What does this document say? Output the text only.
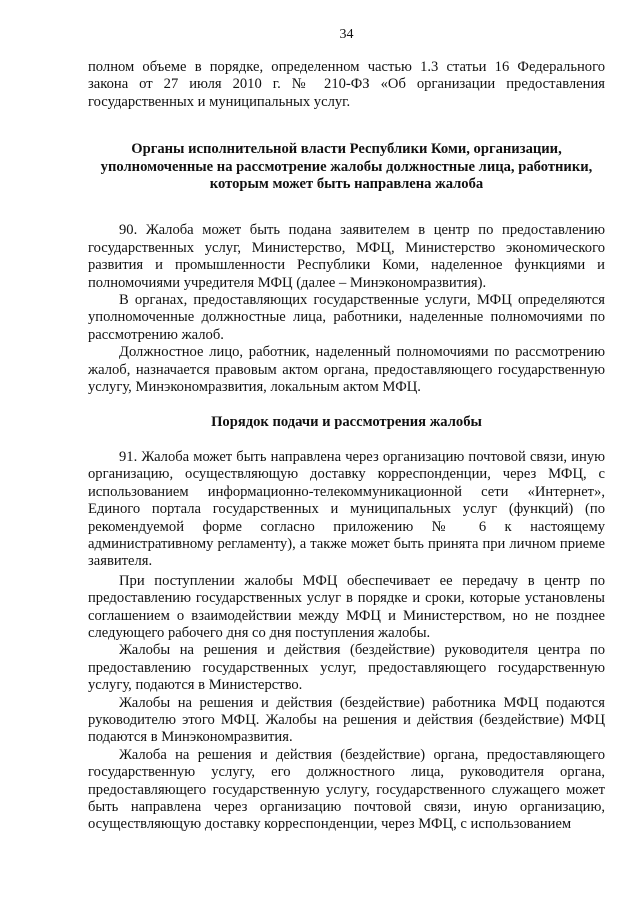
34

полном объеме в порядке, определенном частью 1.3 статьи 16 Федерального закона от 27 июля 2010 г. № 210-ФЗ «Об организации предоставления государственных и муниципальных услуг.

Органы исполнительной власти Республики Коми, организации, уполномоченные на рассмотрение жалобы должностные лица, работники, которым может быть направлена жалоба

90. Жалоба может быть подана заявителем в центр по предоставлению государственных услуг, Министерство, МФЦ, Министерство экономического развития и промышленности Республики Коми, наделенное функциями и полномочиями учредителя МФЦ (далее – Минэкономразвития).

В органах, предоставляющих государственные услуги, МФЦ определяются уполномоченные должностные лица, работники, наделенные полномочиями по рассмотрению жалоб.

Должностное лицо, работник, наделенный полномочиями по рассмотрению жалоб, назначается правовым актом органа, предоставляющего государственную услугу, Минэкономразвития, локальным актом МФЦ.

Порядок подачи и рассмотрения жалобы

91. Жалоба может быть направлена через организацию почтовой связи, иную организацию, осуществляющую доставку корреспонденции, через МФЦ, с использованием информационно-телекоммуникационной сети «Интернет», Единого портала государственных и муниципальных услуг (функций) (по рекомендуемой форме согласно приложению № 6 к настоящему административному регламенту), а также может быть принята при личном приеме заявителя.

При поступлении жалобы МФЦ обеспечивает ее передачу в центр по предоставлению государственных услуг в порядке и сроки, которые установлены соглашением о взаимодействии между МФЦ и Министерством, но не позднее следующего рабочего дня со дня поступления жалобы.

Жалобы на решения и действия (бездействие) руководителя центра по предоставлению государственных услуг, предоставляющего государственную услугу, подаются в Министерство.

Жалобы на решения и действия (бездействие) работника МФЦ подаются руководителю этого МФЦ. Жалобы на решения и действия (бездействие) МФЦ подаются в Минэкономразвития.

Жалоба на решения и действия (бездействие) органа, предоставляющего государственную услугу, его должностного лица, руководителя органа, предоставляющего государственную услугу, государственного служащего может быть направлена через организацию почтовой связи, иную организацию, осуществляющую доставку корреспонденции, через МФЦ, с использованием
